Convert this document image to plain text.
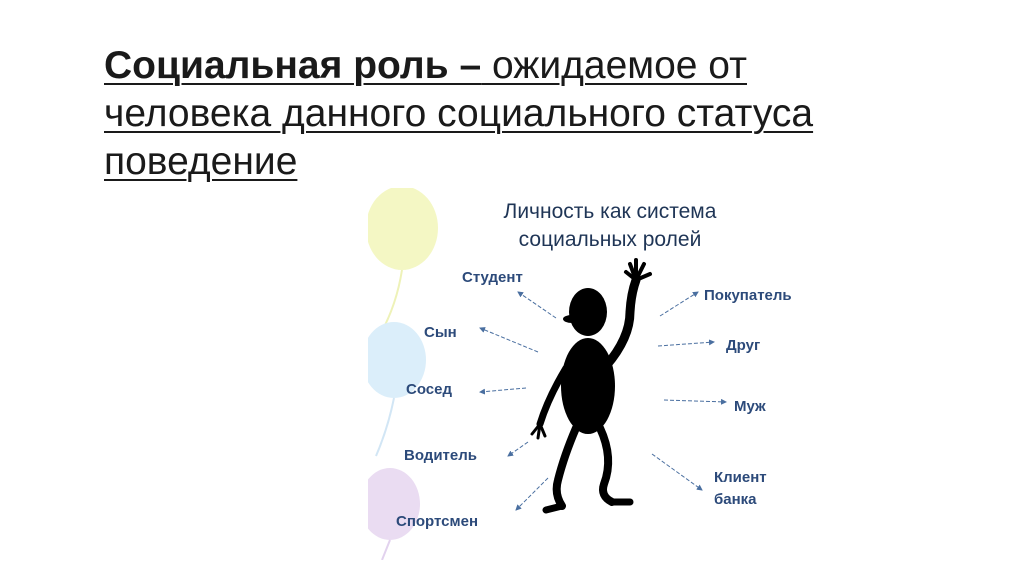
Социальная роль – ожидаемое от человека данного социального статуса поведение
Личность как система
социальных ролей
Студент
Сын
Сосед
Водитель
Спортсмен
Покупатель
Друг
Муж
Клиент
банка
